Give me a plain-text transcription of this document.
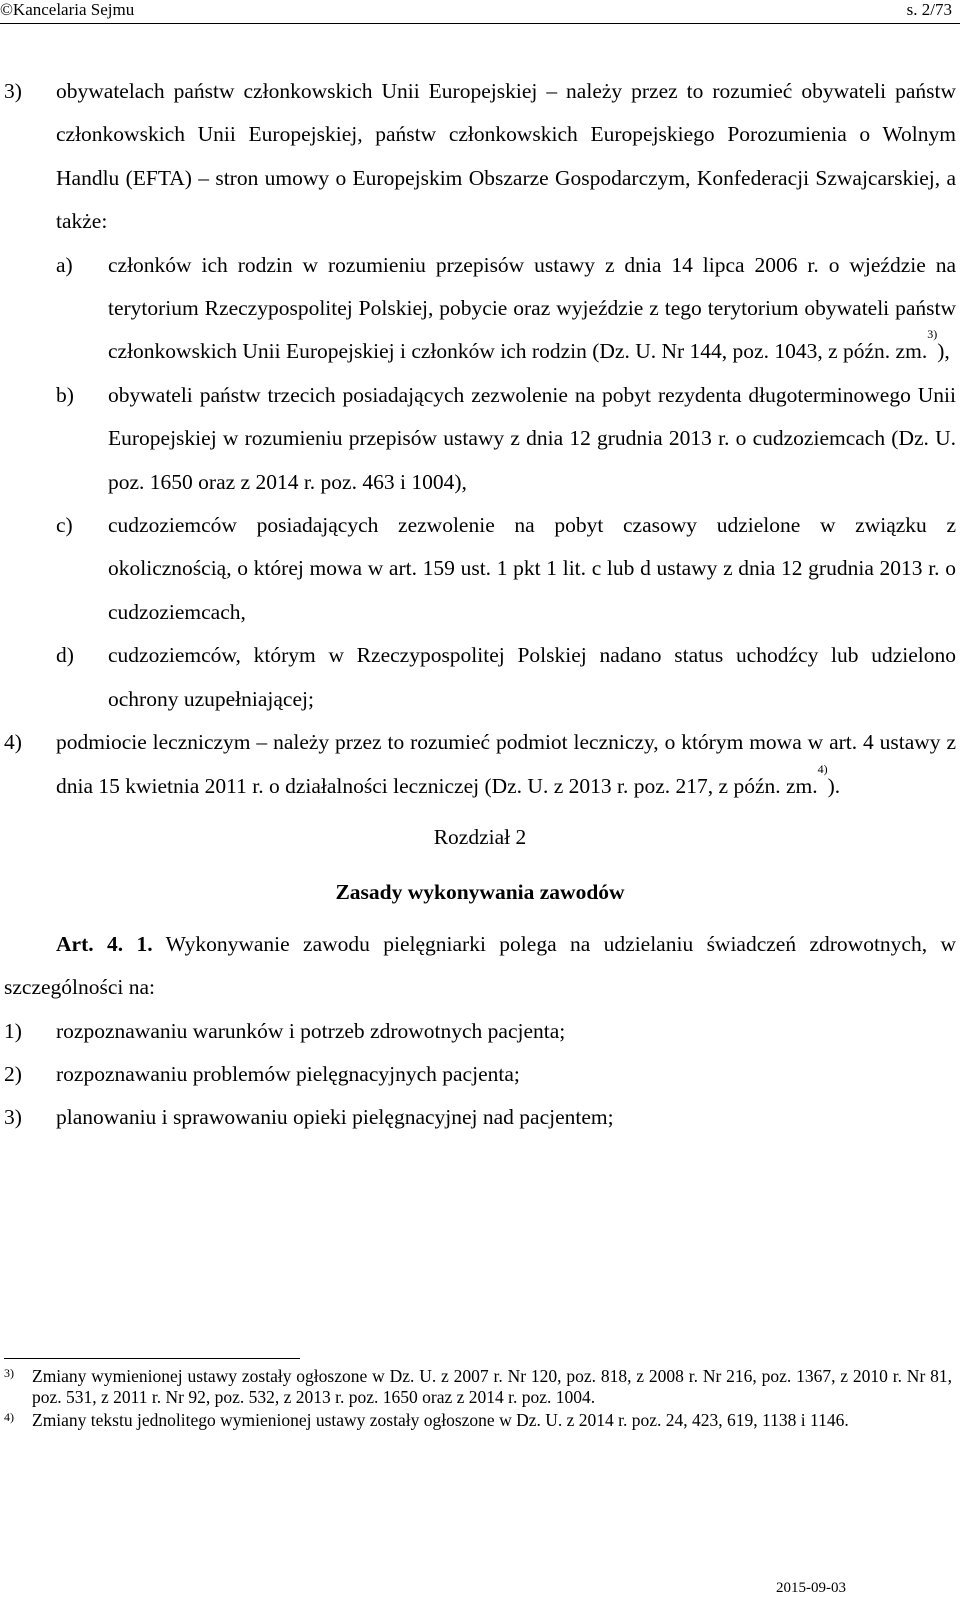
©Kancelaria Sejmu	s. 2/73
3)	obywatelach państw członkowskich Unii Europejskiej – należy przez to rozumieć obywateli państw członkowskich Unii Europejskiej, państw członkowskich Europejskiego Porozumienia o Wolnym Handlu (EFTA) – stron umowy o Europejskim Obszarze Gospodarczym, Konfederacji Szwajcarskiej, a także:
a)	członków ich rodzin w rozumieniu przepisów ustawy z dnia 14 lipca 2006 r. o wjeździe na terytorium Rzeczypospolitej Polskiej, pobycie oraz wyjeździe z tego terytorium obywateli państw członkowskich Unii Europejskiej i członków ich rodzin (Dz. U. Nr 144, poz. 1043, z późn. zm.$^{3)}$),
b)	obywateli państw trzecich posiadających zezwolenie na pobyt rezydenta długoterminowego Unii Europejskiej w rozumieniu przepisów ustawy z dnia 12 grudnia 2013 r. o cudzoziemcach (Dz. U. poz. 1650 oraz z 2014 r. poz. 463 i 1004),
c)	cudzoziemców posiadających zezwolenie na pobyt czasowy udzielone w związku z okolicznością, o której mowa w art. 159 ust. 1 pkt 1 lit. c lub d ustawy z dnia 12 grudnia 2013 r. o cudzoziemcach,
d)	cudzoziemców, którym w Rzeczypospolitej Polskiej nadano status uchodźcy lub udzielono ochrony uzupełniającej;
4)	podmiocie leczniczym – należy przez to rozumieć podmiot leczniczy, o którym mowa w art. 4 ustawy z dnia 15 kwietnia 2011 r. o działalności leczniczej (Dz. U. z 2013 r. poz. 217, z późn. zm.$^{4)}$).
Rozdział 2
Zasady wykonywania zawodów
Art. 4. 1. Wykonywanie zawodu pielęgniarki polega na udzielaniu świadczeń zdrowotnych, w szczególności na:
1)	rozpoznawaniu warunków i potrzeb zdrowotnych pacjenta;
2)	rozpoznawaniu problemów pielęgnacyjnych pacjenta;
3)	planowaniu i sprawowaniu opieki pielęgnacyjnej nad pacjentem;
3)	Zmiany wymienionej ustawy zostały ogłoszone w Dz. U. z 2007 r. Nr 120, poz. 818, z 2008 r. Nr 216, poz. 1367, z 2010 r. Nr 81, poz. 531, z 2011 r. Nr 92, poz. 532, z 2013 r. poz. 1650 oraz z 2014 r. poz. 1004.
4)	Zmiany tekstu jednolitego wymienionej ustawy zostały ogłoszone w Dz. U. z 2014 r. poz. 24, 423, 619, 1138 i 1146.
2015-09-03
